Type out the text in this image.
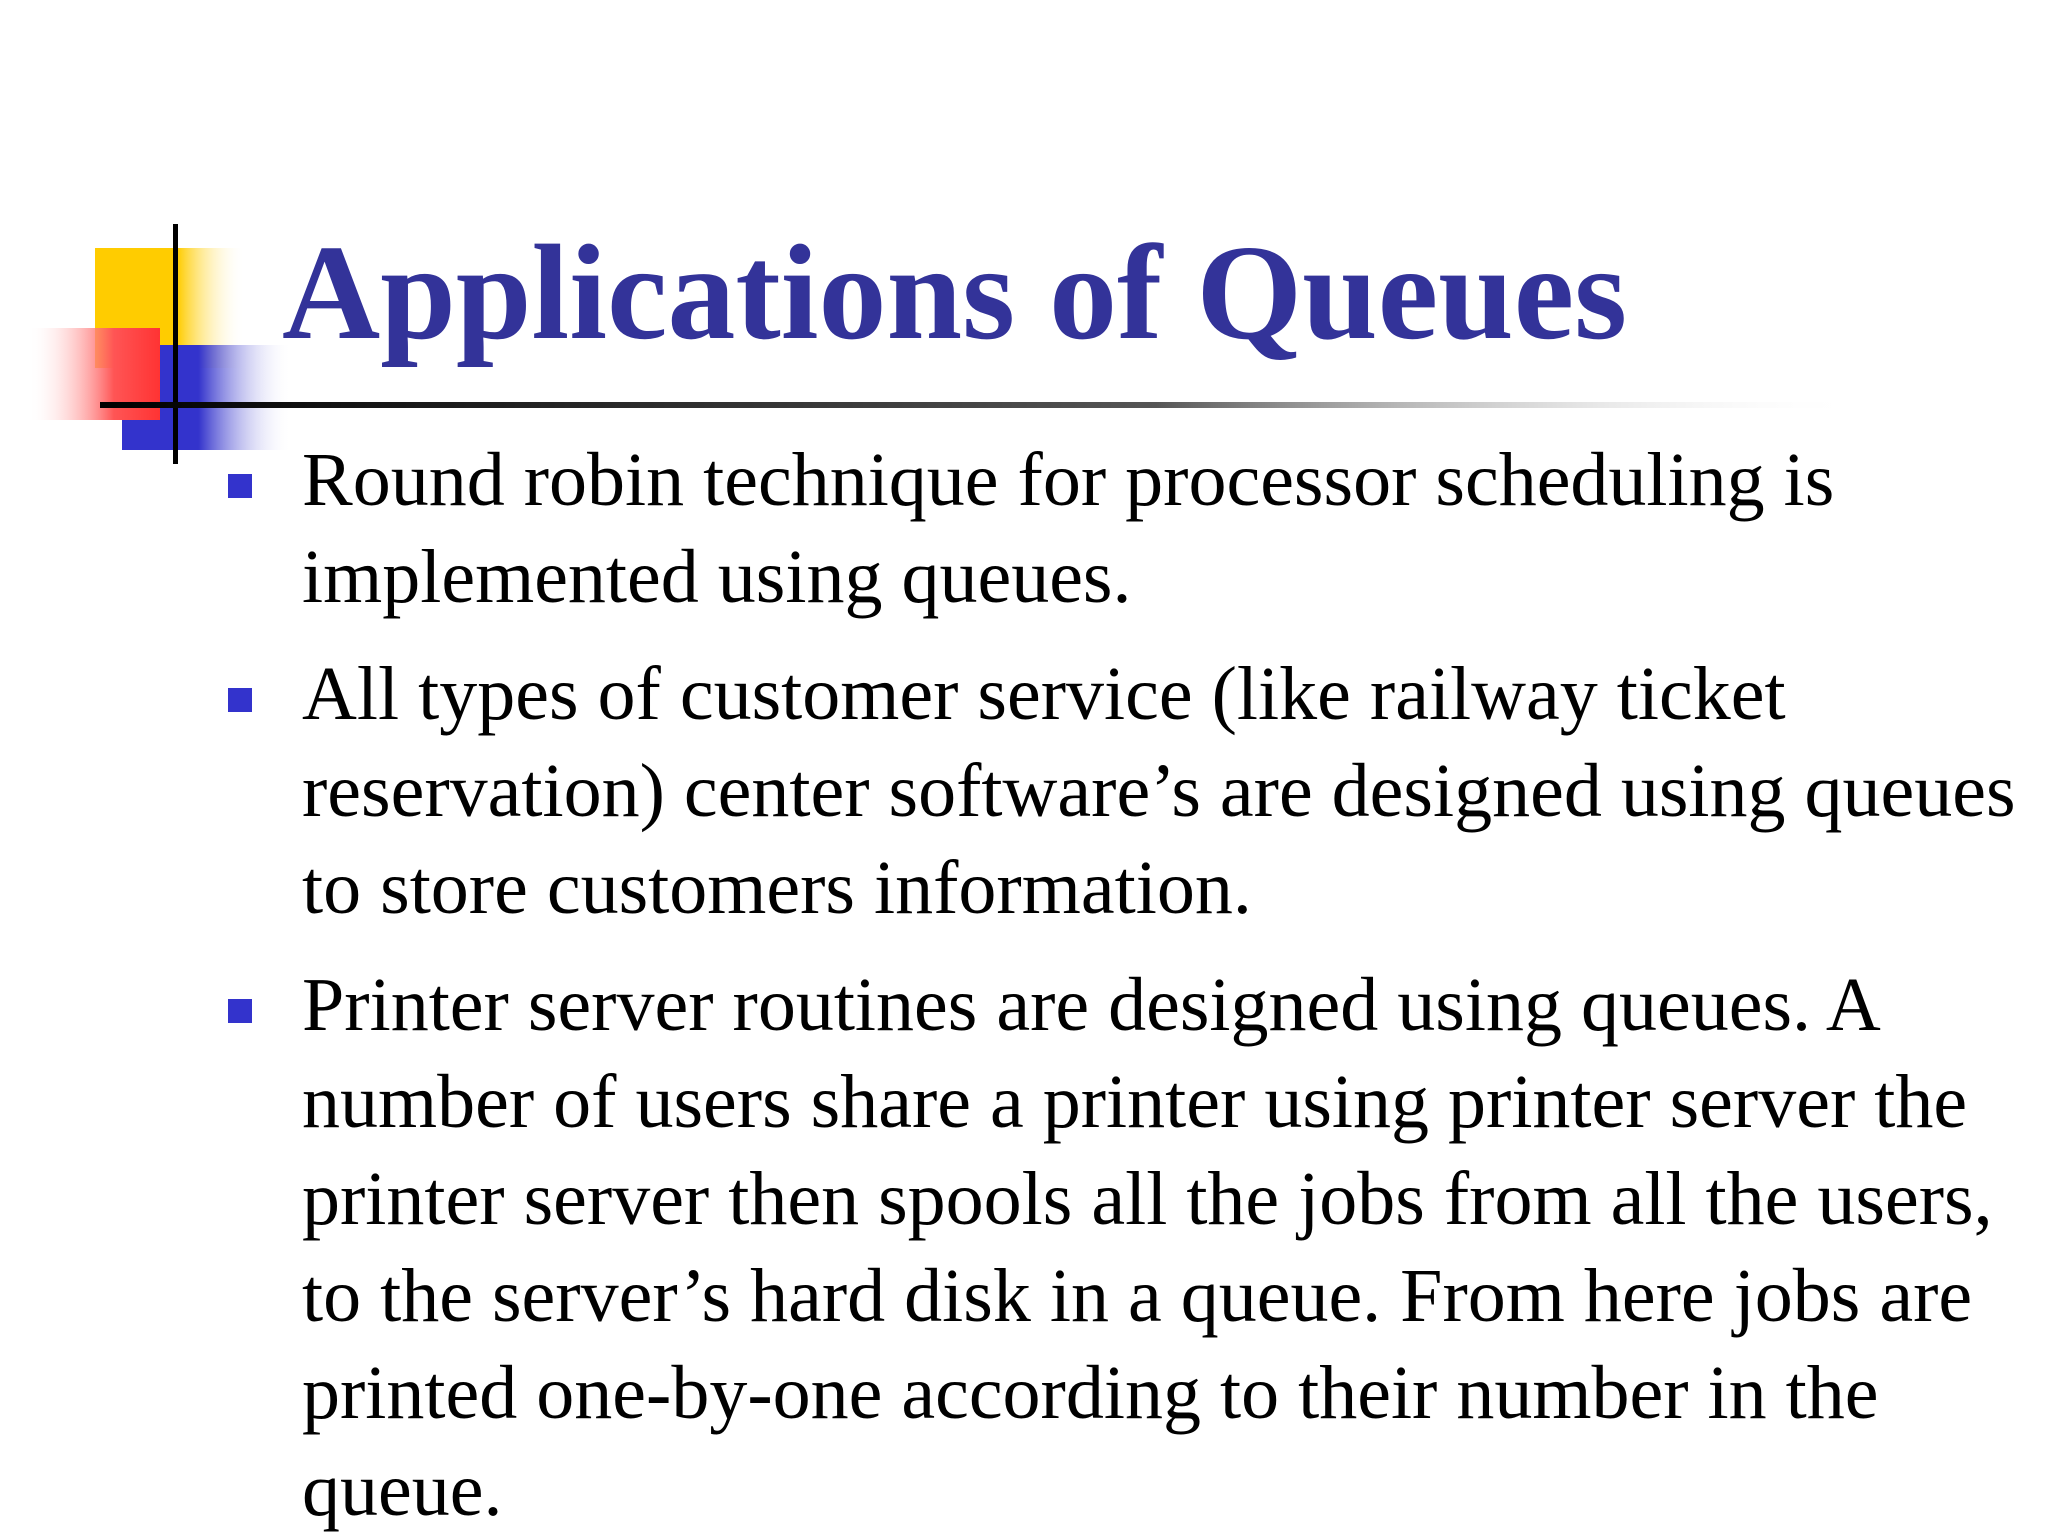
Applications of Queues
Round robin technique for processor scheduling is implemented using queues.
All types of customer service (like railway ticket reservation) center software’s are designed using queues to store customers information.
Printer server routines are designed using queues. A number of users share a printer using printer server the printer server then spools all the jobs from all the users, to the server’s hard disk in a queue. From here jobs are printed one-by-one according to their number in the queue.
